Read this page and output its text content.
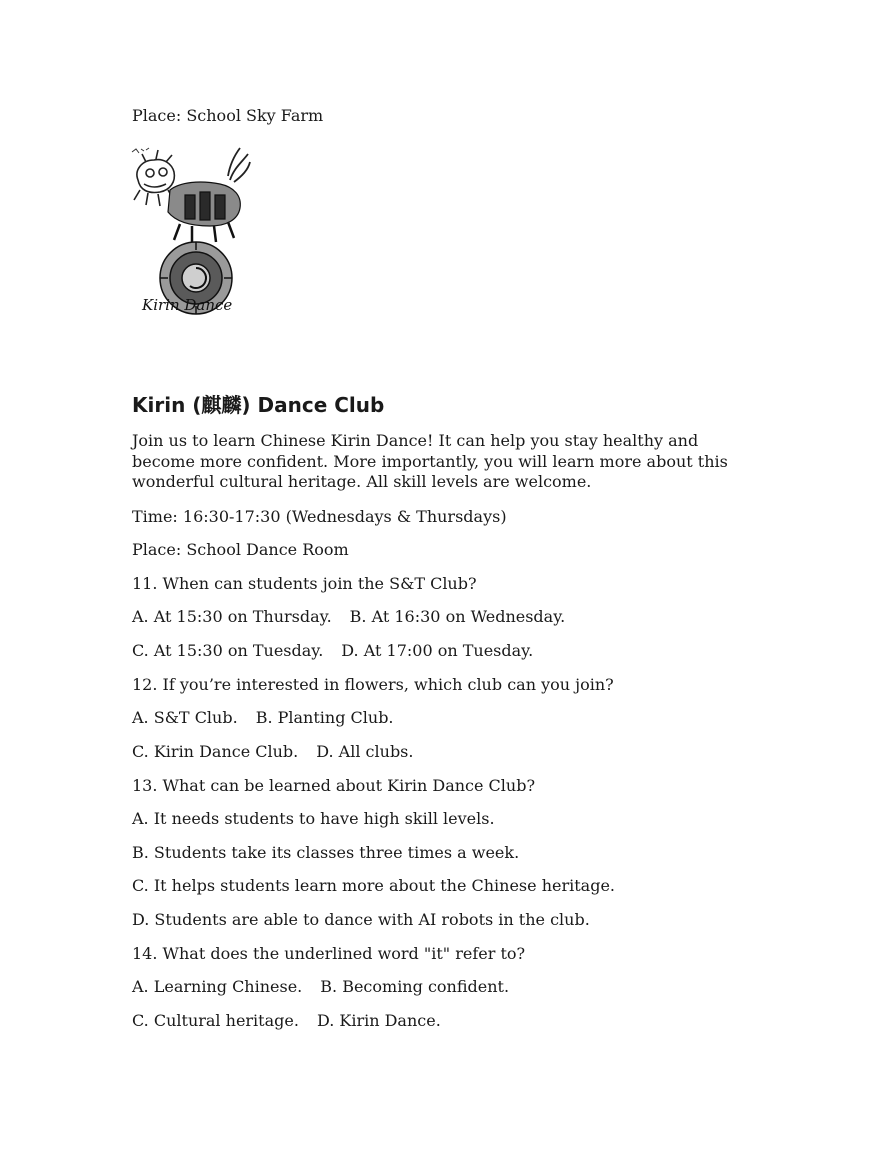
Kirin Dance
Place: School Sky Farm
Kirin (麒麟) Dance Club
Join us to learn Chinese Kirin Dance! It can help you stay healthy and become more confident. More importantly, you will learn more about this wonderful cultural heritage. All skill levels are welcome.
Time: 16:30-17:30 (Wednesdays & Thursdays)
Place: School Dance Room
11. When can students join the S&T Club?
A. At 15:30 on Thursday. B. At 16:30 on Wednesday.
C. At 15:30 on Tuesday. D. At 17:00 on Tuesday.
12. If you’re interested in flowers, which club can you join?
A. S&T Club. B. Planting Club.
C. Kirin Dance Club. D. All clubs.
13. What can be learned about Kirin Dance Club?
A. It needs students to have high skill levels.
B. Students take its classes three times a week.
C. It helps students learn more about the Chinese heritage.
D. Students are able to dance with AI robots in the club.
14. What does the underlined word "it" refer to?
A. Learning Chinese. B. Becoming confident.
C. Cultural heritage. D. Kirin Dance.
